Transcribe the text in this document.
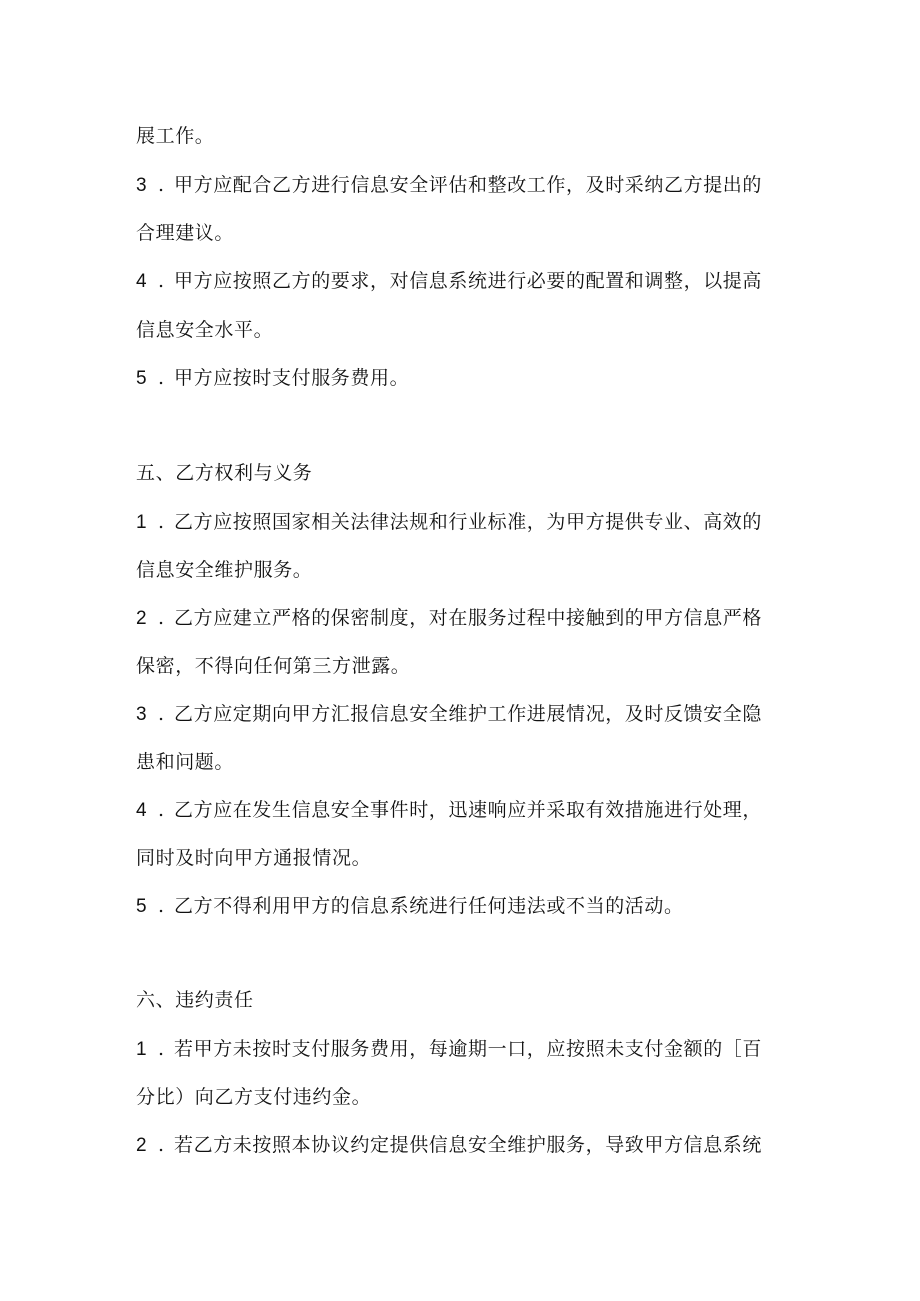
展工作。
3 . 甲方应配合乙方进行信息安全评估和整改工作，及时采纳乙方提出的
合理建议。
4 . 甲方应按照乙方的要求，对信息系统进行必要的配置和调整，以提高
信息安全水平。
5 . 甲方应按时支付服务费用。
五、乙方权利与义务
1 . 乙方应按照国家相关法律法规和行业标准，为甲方提供专业、高效的
信息安全维护服务。
2 . 乙方应建立严格的保密制度，对在服务过程中接触到的甲方信息严格
保密，不得向任何第三方泄露。
3 . 乙方应定期向甲方汇报信息安全维护工作进展情况，及时反馈安全隐
患和问题。
4 . 乙方应在发生信息安全事件时，迅速响应并采取有效措施进行处理，
同时及时向甲方通报情况。
5 . 乙方不得利用甲方的信息系统进行任何违法或不当的活动。
六、违约责任
1 . 若甲方未按时支付服务费用，每逾期一口，应按照未支付金额的［百
分比）向乙方支付违约金。
2 . 若乙方未按照本协议约定提供信息安全维护服务，导致甲方信息系统
